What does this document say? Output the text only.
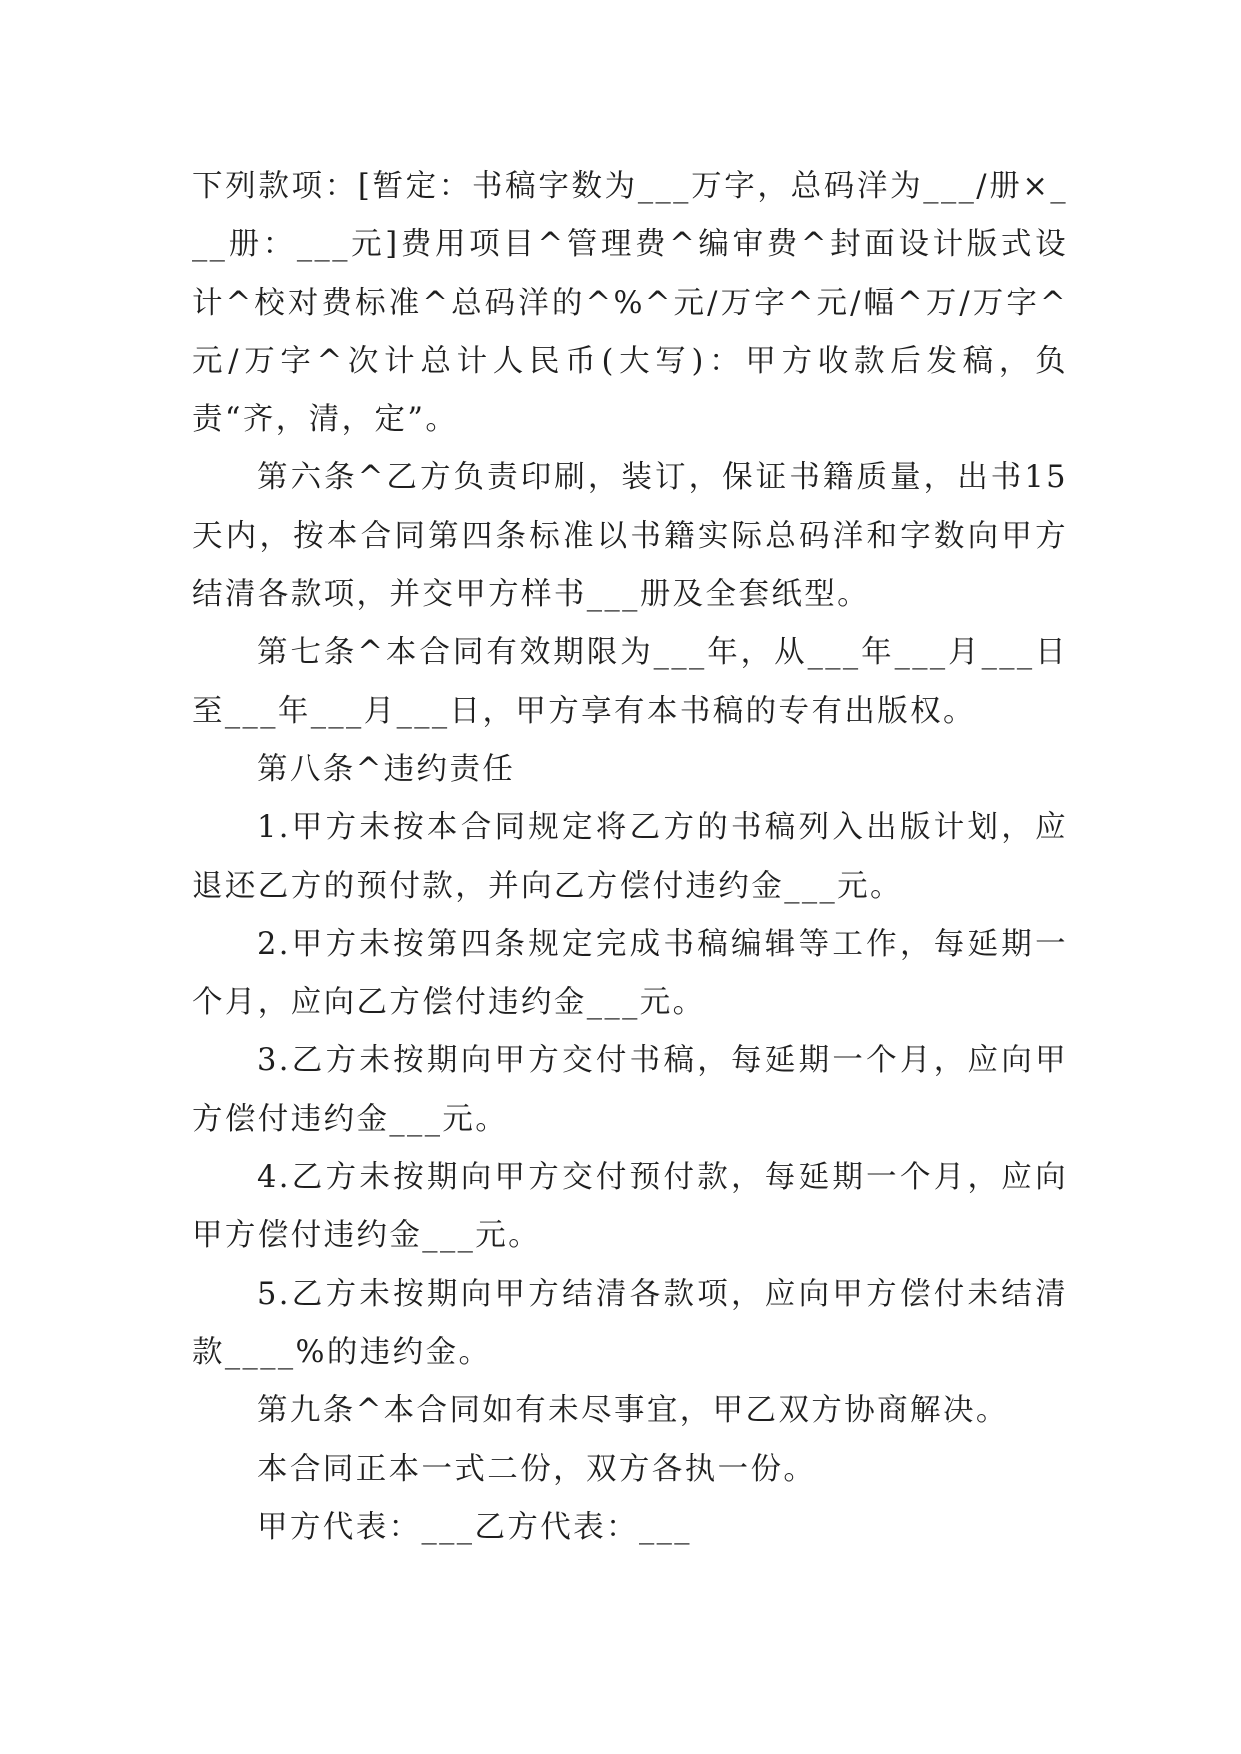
下列款项：[暂定：书稿字数为___万字，总码洋为___/册×___册：___元]费用项目^管理费^编审费^封面设计版式设计^校对费标准^总码洋的^%^元/万字^元/幅^万/万字^元/万字^次计总计人民币(大写)：甲方收款后发稿，负责“齐，清，定”。

第六条^乙方负责印刷，装订，保证书籍质量，出书15天内，按本合同第四条标准以书籍实际总码洋和字数向甲方结清各款项，并交甲方样书___册及全套纸型。

第七条^本合同有效期限为___年，从___年___月___日至___年___月___日，甲方享有本书稿的专有出版权。

第八条^违约责任

1.甲方未按本合同规定将乙方的书稿列入出版计划，应退还乙方的预付款，并向乙方偿付违约金___元。

2.甲方未按第四条规定完成书稿编辑等工作，每延期一个月，应向乙方偿付违约金___元。

3.乙方未按期向甲方交付书稿，每延期一个月，应向甲方偿付违约金___元。

4.乙方未按期向甲方交付预付款，每延期一个月，应向甲方偿付违约金___元。

5.乙方未按期向甲方结清各款项，应向甲方偿付未结清款____%的违约金。

第九条^本合同如有未尽事宜，甲乙双方协商解决。

本合同正本一式二份，双方各执一份。

甲方代表：___乙方代表：___
